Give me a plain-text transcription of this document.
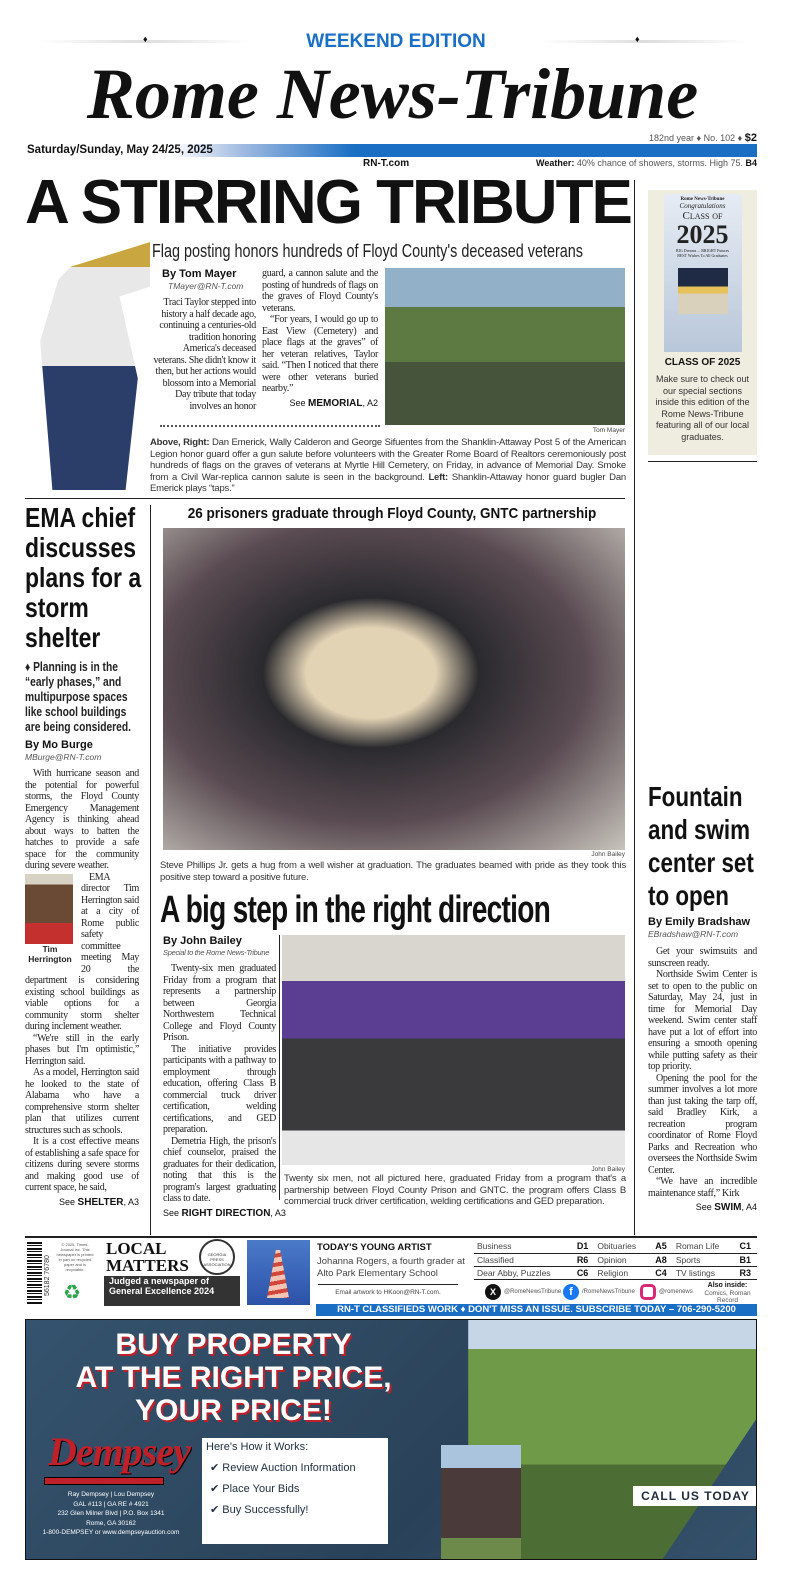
♦	♦
WEEKEND EDITION
Rome News-Tribune
182nd year ♦ No. 102 ♦ $2
Saturday/Sunday, May 24/25, 2025
RN-T.com	Weather: 40% chance of showers, storms. High 75. B4
A STIRRING TRIBUTE
Flag posting honors hundreds of Floyd County's deceased veterans
By Tom Mayer
TMayer@RN-T.com

Traci Taylor stepped into history a half decade ago, continuing a centuries-old tradition honoring America's deceased veterans. She didn't know it then, but her actions would blossom into a Memorial Day tribute that today involves an honor

guard, a cannon salute and the posting of hundreds of flags on the graves of Floyd County's veterans.

“For years, I would go up to East View (Cemetery) and place flags at the graves” of her veteran relatives, Taylor said. “Then I noticed that there were other veterans buried nearby.”

See MEMORIAL, A2
Tom Mayer
Above, Right: Dan Emerick, Wally Calderon and George Sifuentes from the Shanklin-Attaway Post 5 of the American Legion honor guard offer a gun salute before volunteers with the Greater Rome Board of Realtors ceremoniously post hundreds of flags on the graves of veterans at Myrtle Hill Cemetery, on Friday, in advance of Memorial Day. Smoke from a Civil War-replica cannon salute is seen in the background. Left: Shanklin-Attaway honor guard bugler Dan Emerick plays “taps.”
Rome News-Tribune
Congratulations
Class of
2025
BIG Dreams ... BRIGHT Futures
BEST Wishes To All Graduates
CLASS OF 2025
Make sure to check out our special sections inside this edition of the Rome News-Tribune featuring all of our local graduates.
EMA chief discusses plans for a storm shelter
♦ Planning is in the “early phases,” and multipurpose spaces like school buildings are being considered.
By Mo Burge
MBurge@RN-T.com

With hurricane season and the potential for powerful storms, the Floyd County Emergency Management Agency is thinking ahead about ways to batten the hatches to provide a safe space for the community during severe weather.

Tim Herrington

EMA director Tim Herrington said at a city of Rome public safety committee meeting May 20 the department is considering existing school buildings as viable options for a community storm shelter during inclement weather.

“We're still in the early phases but I'm optimistic,” Herrington said.

As a model, Herrington said he looked to the state of Alabama who have a comprehensive storm shelter plan that utilizes current structures such as schools.

It is a cost effective means of establishing a safe space for citizens during severe storms and making good use of current space, he said,

See SHELTER, A3
26 prisoners graduate through Floyd County, GNTC partnership
John Bailey
Steve Phillips Jr. gets a hug from a well wisher at graduation. The graduates beamed with pride as they took this positive step toward a positive future.
A big step in the right direction
By John Bailey
Special to the Rome News-Tribune

Twenty-six men graduated Friday from a program that represents a partnership between Georgia Northwestern Technical College and Floyd County Prison.

The initiative provides participants with a pathway to employment through education, offering Class B commercial truck driver certification, welding certifications, and GED preparation.

Demetria High, the prison's chief counselor, praised the graduates for their dedication, noting that this is the program's largest graduating class to date.

See RIGHT DIRECTION, A3
John Bailey
Twenty six men, not all pictured here, graduated Friday from a program that's a partnership between Floyd County Prison and GNTC. the program offers Class B commercial truck driver certification, welding certifications and GED preparation.
Fountain and swim center set to open
By Emily Bradshaw
EBradshaw@RN-T.com

Get your swimsuits and sunscreen ready.

Northside Swim Center is set to open to the public on Saturday, May 24, just in time for Memorial Day weekend. Swim center staff have put a lot of effort into ensuring a smooth opening while putting safety as their top priority.

Opening the pool for the summer involves a lot more than just taking the tarp off, said Bradley Kirk, a recreation program coordinator of Rome Floyd Parks and Recreation who oversees the Northside Swim Center.

“We have an incredible maintenance staff,” Kirk

See SWIM, A4
56182 76780
© 2025, Times-Journal Inc. This newspaper is printed in part on recycled paper and is recyclable.
♻
LOCAL
MATTERS
GEORGIA PRESS ASSOCIATION
Judged a newspaper of General Excellence 2024
TODAY'S YOUNG ARTIST
Johanna Rogers, a fourth grader at Alto Park Elementary School
Email artwork to HKoon@RN-T.com.
Business	D1	Obituaries	A5	Roman Life	C1
Classified	R6	Opinion	A8	Sports	B1
Dear Abby, Puzzles	C6	Religion	C4	TV listings	R3
X	@RomeNewsTribune f	/RomeNewsTribune	@romenews
Also inside:
Comics, Roman Record
RN-T CLASSIFIEDS WORK ♦ DON'T MISS AN ISSUE. SUBSCRIBE TODAY – 706-290-5200
BUY PROPERTY
AT THE RIGHT PRICE,
YOUR PRICE!
Dempsey
Ray Dempsey | Lou Dempsey
GAL #113 | GA RE # 4921
232 Glen Milner Blvd | P.O. Box 1341
Rome, GA 30162
1-800-DEMPSEY or www.dempseyauction.com
Here's How it Works:
✔ Review Auction Information
✔ Place Your Bids
✔ Buy Successfully!
CALL US TODAY
